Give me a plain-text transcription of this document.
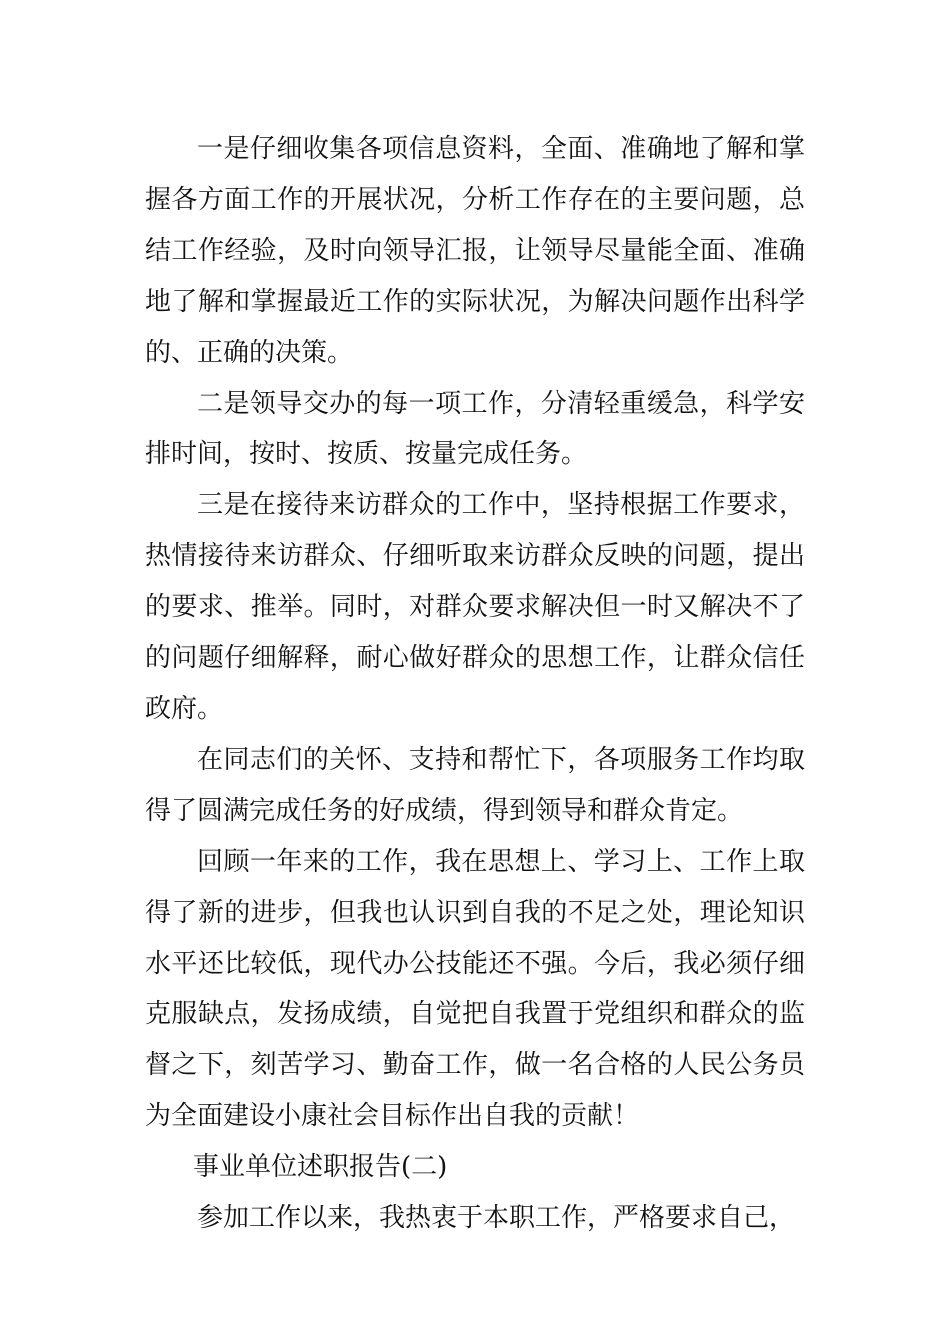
一是仔细收集各项信息资料，全面、准确地了解和掌握各方面工作的开展状况，分析工作存在的主要问题，总结工作经验，及时向领导汇报，让领导尽量能全面、准确地了解和掌握最近工作的实际状况，为解决问题作出科学的、正确的决策。

二是领导交办的每一项工作，分清轻重缓急，科学安排时间，按时、按质、按量完成任务。

三是在接待来访群众的工作中，坚持根据工作要求，热情接待来访群众、仔细听取来访群众反映的问题，提出的要求、推举。同时，对群众要求解决但一时又解决不了的问题仔细解释，耐心做好群众的思想工作，让群众信任政府。

在同志们的关怀、支持和帮忙下，各项服务工作均取得了圆满完成任务的好成绩，得到领导和群众肯定。

回顾一年来的工作，我在思想上、学习上、工作上取得了新的进步，但我也认识到自我的不足之处，理论知识水平还比较低，现代办公技能还不强。今后，我必须仔细克服缺点，发扬成绩，自觉把自我置于党组织和群众的监督之下，刻苦学习、勤奋工作，做一名合格的人民公务员为全面建设小康社会目标作出自我的贡献！

事业单位述职报告(二)

参加工作以来，我热衷于本职工作，严格要求自己，
